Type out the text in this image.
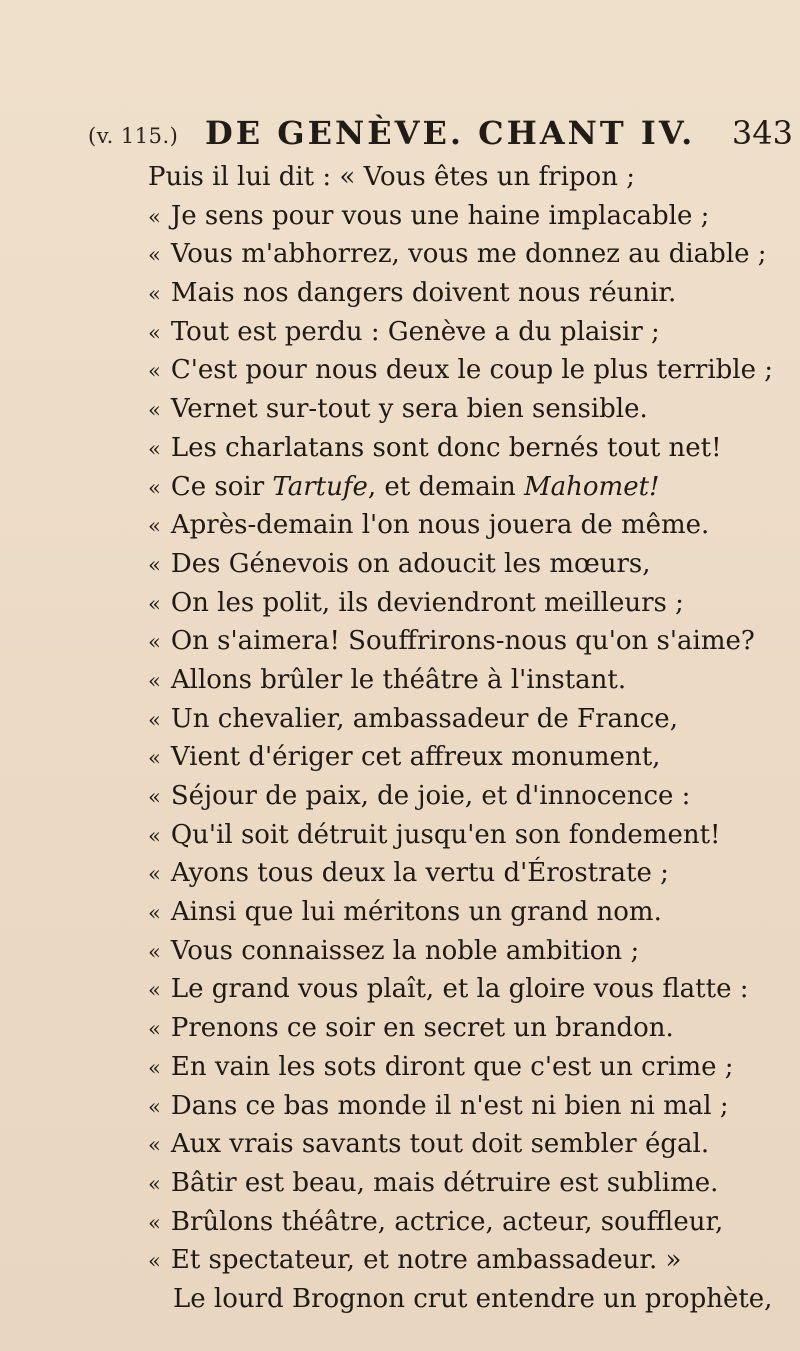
(v. 115.) DE GENÈVE. CHANT IV. 343
Puis il lui dit : « Vous êtes un fripon ;
« Je sens pour vous une haine implacable ;
« Vous m'abhorrez, vous me donnez au diable ;
« Mais nos dangers doivent nous réunir.
« Tout est perdu : Genève a du plaisir ;
« C'est pour nous deux le coup le plus terrible ;
« Vernet sur-tout y sera bien sensible.
« Les charlatans sont donc bernés tout net!
« Ce soir Tartufe, et demain Mahomet!
« Après-demain l'on nous jouera de même.
« Des Génevois on adoucit les mœurs,
« On les polit, ils deviendront meilleurs ;
« On s'aimera! Souffrirons-nous qu'on s'aime?
« Allons brûler le théâtre à l'instant.
« Un chevalier, ambassadeur de France,
« Vient d'ériger cet affreux monument,
« Séjour de paix, de joie, et d'innocence :
« Qu'il soit détruit jusqu'en son fondement!
« Ayons tous deux la vertu d'Érostrate ;
« Ainsi que lui méritons un grand nom.
« Vous connaissez la noble ambition ;
« Le grand vous plaît, et la gloire vous flatte :
« Prenons ce soir en secret un brandon.
« En vain les sots diront que c'est un crime ;
« Dans ce bas monde il n'est ni bien ni mal ;
« Aux vrais savants tout doit sembler égal.
« Bâtir est beau, mais détruire est sublime.
« Brûlons théâtre, actrice, acteur, souffleur,
« Et spectateur, et notre ambassadeur. »
Le lourd Brognon crut entendre un prophète,
